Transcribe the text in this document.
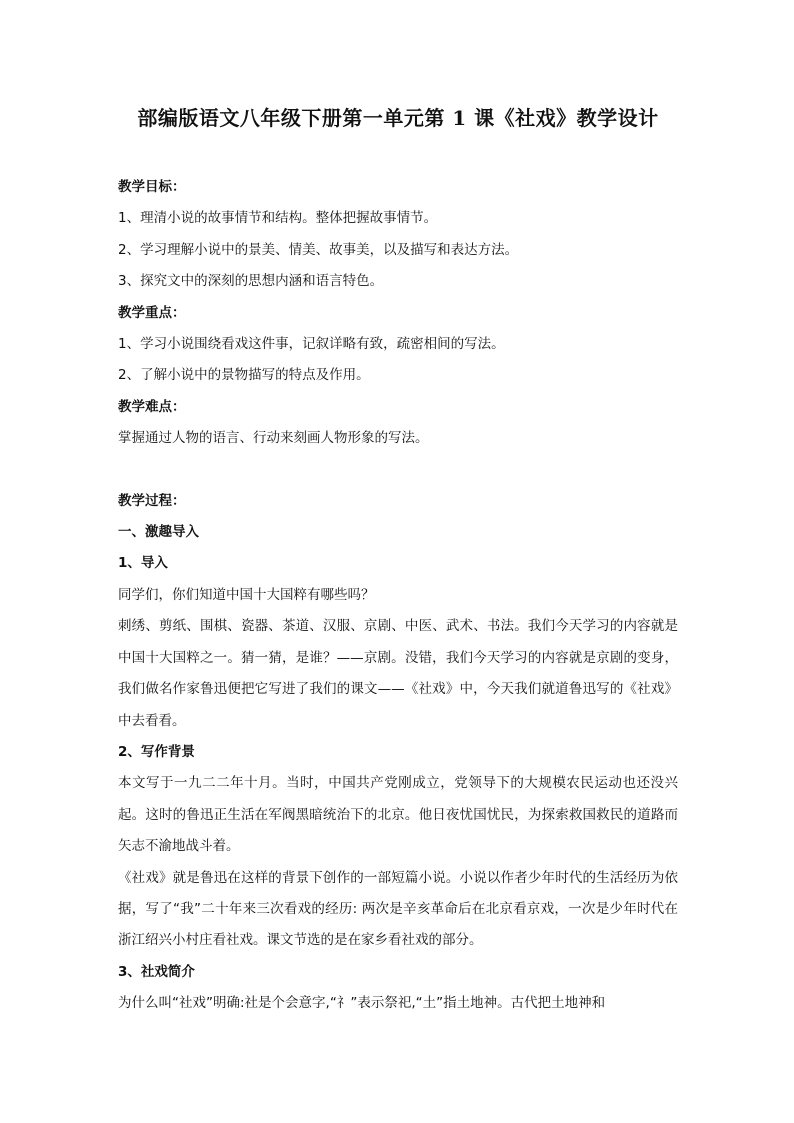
部编版语文八年级下册第一单元第 1 课《社戏》教学设计
教学目标：
1、理清小说的故事情节和结构。整体把握故事情节。
2、学习理解小说中的景美、情美、故事美，以及描写和表达方法。
3、探究文中的深刻的思想内涵和语言特色。
教学重点：
1、学习小说围绕看戏这件事，记叙详略有致，疏密相间的写法。
2、了解小说中的景物描写的特点及作用。
教学难点：
掌握通过人物的语言、行动来刻画人物形象的写法。
教学过程：
一、激趣导入
1、导入
同学们，你们知道中国十大国粹有哪些吗？
刺绣、剪纸、围棋、瓷器、茶道、汉服、京剧、中医、武术、书法。我们今天学习的内容就是中国十大国粹之一。猜一猜，是谁？——京剧。没错，我们今天学习的内容就是京剧的变身，我们做名作家鲁迅便把它写进了我们的课文——《社戏》中，今天我们就道鲁迅写的《社戏》中去看看。
2、写作背景
本文写于一九二二年十月。当时，中国共产党刚成立，党领导下的大规模农民运动也还没兴起。这时的鲁迅正生活在军阀黑暗统治下的北京。他日夜忧国忧民，为探索救国救民的道路而矢志不渝地战斗着。
《社戏》就是鲁迅在这样的背景下创作的一部短篇小说。小说以作者少年时代的生活经历为依据，写了“我”二十年来三次看戏的经历: 两次是辛亥革命后在北京看京戏，一次是少年时代在浙江绍兴小村庄看社戏。课文节选的是在家乡看社戏的部分。
3、社戏简介
为什么叫“社戏”明确:社是个会意字,“礻”表示祭祀,“土”指土地神。古代把土地神和
